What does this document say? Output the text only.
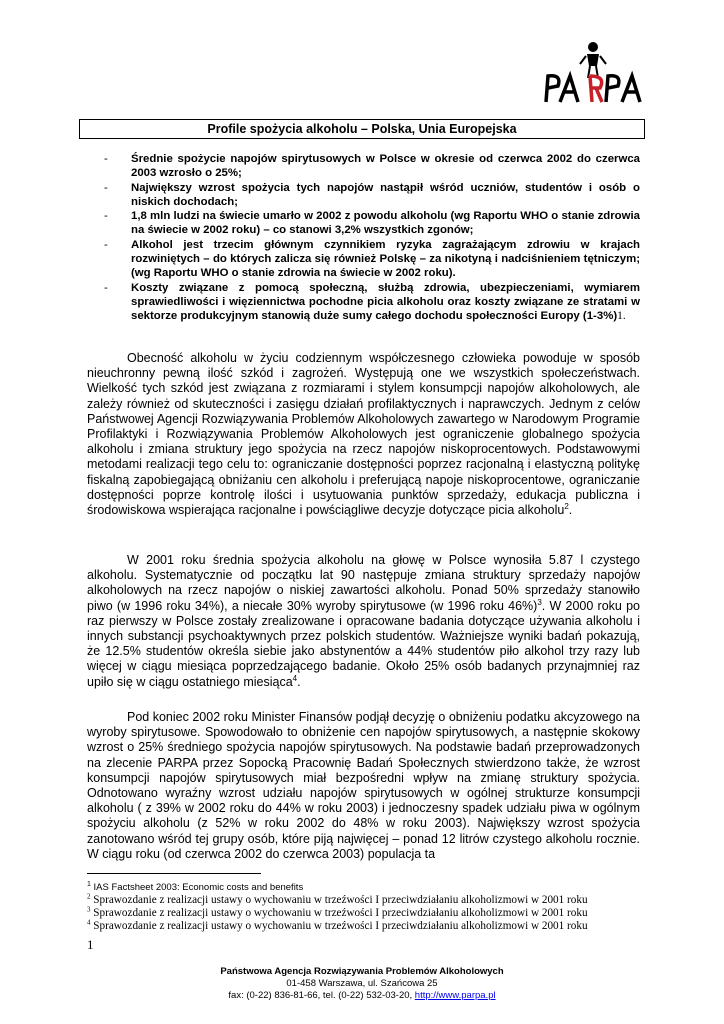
Profile spożycia alkoholu – Polska, Unia Europejska
- Średnie spożycie napojów spirytusowych w Polsce w okresie od czerwca 2002 do czerwca 2003 wzrosło o 25%;
- Największy wzrost spożycia tych napojów nastąpił wśród uczniów, studentów i osób o niskich dochodach;
- 1,8 mln ludzi na świecie umarło w 2002 z powodu alkoholu (wg Raportu WHO o stanie zdrowia na świecie w 2002 roku) – co stanowi 3,2% wszystkich zgonów;
- Alkohol jest trzecim głównym czynnikiem ryzyka zagrażającym zdrowiu w krajach rozwiniętych – do których zalicza się również Polskę – za nikotyną i nadciśnieniem tętniczym; (wg Raportu WHO o stanie zdrowia na świecie w 2002 roku).
- Koszty związane z pomocą społeczną, służbą zdrowia, ubezpieczeniami, wymiarem sprawiedliwości i więziennictwa pochodne picia alkoholu oraz koszty związane ze stratami w sektorze produkcyjnym stanowią duże sumy całego dochodu społeczności Europy (1-3%)1.

Obecność alkoholu w życiu codziennym współczesnego człowieka powoduje w sposób nieuchronny pewną ilość szkód i zagrożeń. Występują one we wszystkich społeczeństwach. Wielkość tych szkód jest związana z rozmiarami i stylem konsumpcji napojów alkoholowych, ale zależy również od skuteczności i zasięgu działań profilaktycznych i naprawczych. Jednym z celów Państwowej Agencji Rozwiązywania Problemów Alkoholowych zawartego w Narodowym Programie Profilaktyki i Rozwiązywania Problemów Alkoholowych jest ograniczenie globalnego spożycia alkoholu i zmiana struktury jego spożycia na rzecz napojów niskoprocentowych. Podstawowymi metodami realizacji tego celu to: ograniczanie dostępności poprzez racjonalną i elastyczną politykę fiskalną zapobiegającą obniżaniu cen alkoholu i preferującą napoje niskoprocentowe, ograniczanie dostępności poprze kontrolę ilości i usytuowania punktów sprzedaży, edukacja publiczna i środowiskowa wspierająca racjonalne i powściągliwe decyzje dotyczące picia alkoholu$^2$.

W 2001 roku średnia spożycia alkoholu na głowę w Polsce wynosiła 5.87 l czystego alkoholu. Systematycznie od początku lat 90 następuje zmiana struktury sprzedaży napojów alkoholowych na rzecz napojów o niskiej zawartości alkoholu. Ponad 50% sprzedaży stanowiło piwo (w 1996 roku 34%), a niecałe 30% wyroby spirytusowe (w 1996 roku 46%)$^3$. W 2000 roku po raz pierwszy w Polsce zostały zrealizowane i opracowane badania dotyczące używania alkoholu i innych substancji psychoaktywnych przez polskich studentów. Ważniejsze wyniki badań pokazują, że 12.5% studentów określa siebie jako abstynentów a 44% studentów piło alkohol trzy razy lub więcej w ciągu miesiąca poprzedzającego badanie. Około 25% osób badanych przynajmniej raz upiło się w ciągu ostatniego miesiąca$^4$.

Pod koniec 2002 roku Minister Finansów podjął decyzję o obniżeniu podatku akcyzowego na wyroby spirytusowe. Spowodowało to obniżenie cen napojów spirytusowych, a następnie skokowy wzrost o 25% średniego spożycia napojów spirytusowych. Na podstawie badań przeprowadzonych na zlecenie PARPA przez Sopocką Pracownię Badań Społecznych stwierdzono także, że wzrost konsumpcji napojów spirytusowych miał bezpośredni wpływ na zmianę struktury spożycia. Odnotowano wyraźny wzrost udziału napojów spirytusowych w ogólnej strukturze konsumpcji alkoholu ( z 39% w 2002 roku do 44% w roku 2003) i jednoczesny spadek udziału piwa w ogólnym spożyciu alkoholu (z 52% w roku 2002 do 48% w roku 2003). Największy wzrost spożycia zanotowano wśród tej grupy osób, które piją najwięcej – ponad 12 litrów czystego alkoholu rocznie. W ciągu roku (od czerwca 2002 do czerwca 2003) populacja ta

$^1$ IAS Factsheet 2003: Economic costs and benefits
$^2$ Sprawozdanie z realizacji ustawy o wychowaniu w trzeźwości I przeciwdziałaniu alkoholizmowi w 2001 roku
$^3$ Sprawozdanie z realizacji ustawy o wychowaniu w trzeźwości I przeciwdziałaniu alkoholizmowi w 2001 roku
$^4$ Sprawozdanie z realizacji ustawy o wychowaniu w trzeźwości I przeciwdziałaniu alkoholizmowi w 2001 roku
1
Państwowa Agencja Rozwiązywania Problemów Alkoholowych
01-458 Warszawa, ul. Szańcowa 25
fax: (0-22) 836-81-66, tel. (0-22) 532-03-20, http://www.parpa.pl
